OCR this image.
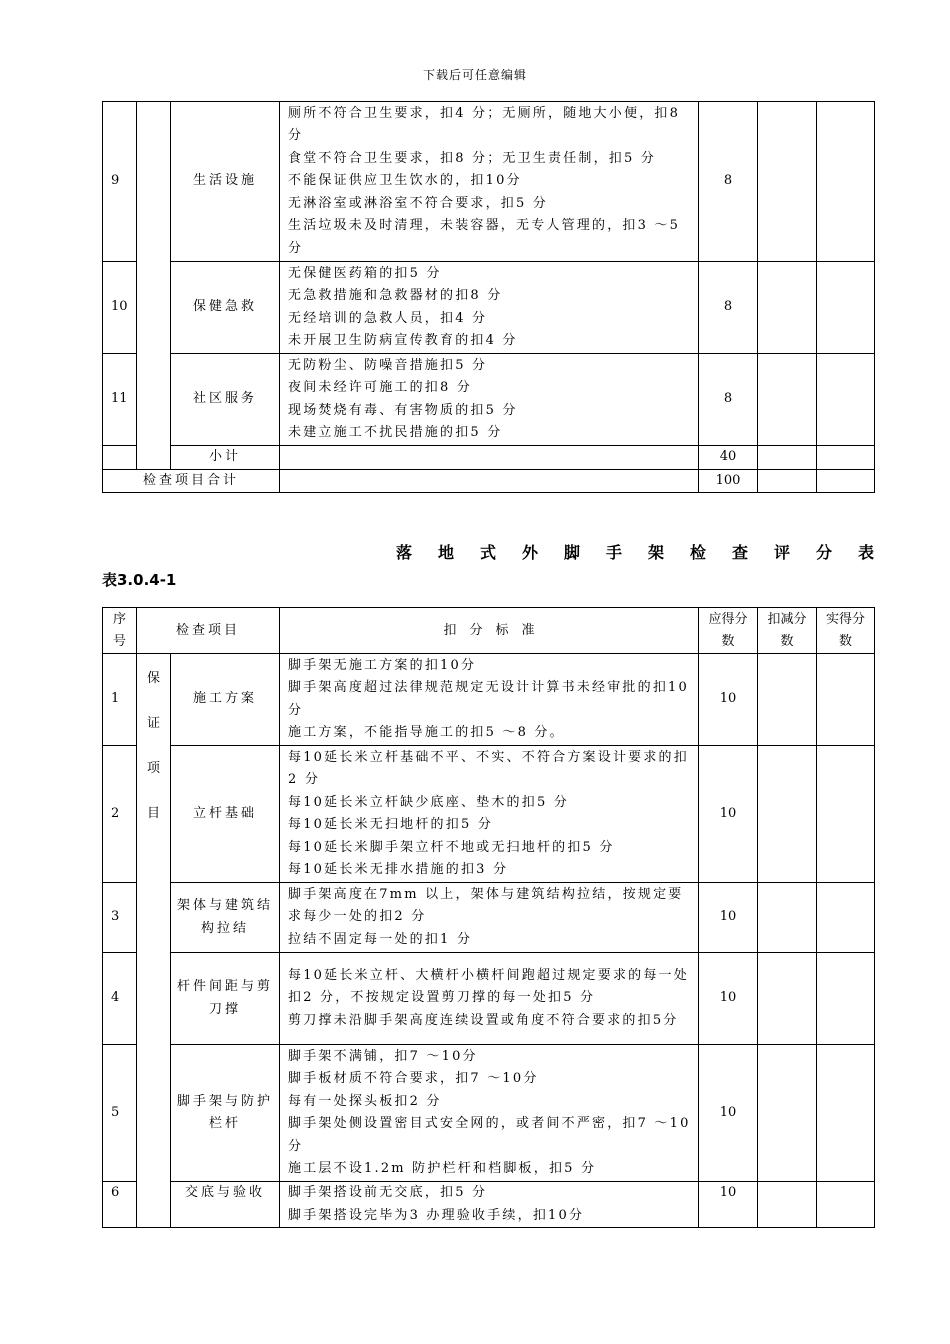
下载后可任意编辑
9		生活设施	厕所不符合卫生要求，扣4 分；无厕所，随地大小便，扣8 分
食堂不符合卫生要求，扣8 分；无卫生责任制，扣5 分
不能保证供应卫生饮水的，扣10分
无淋浴室或淋浴室不符合要求，扣5 分
生活垃圾未及时清理，未装容器，无专人管理的，扣3 ～5 分	8		
10		保健急救	无保健医药箱的扣5 分
无急救措施和急救器材的扣8 分
无经培训的急救人员，扣4 分
未开展卫生防病宣传教育的扣4 分	8		
11		社区服务	无防粉尘、防噪音措施扣5 分
夜间未经许可施工的扣8 分
现场焚烧有毒、有害物质的扣5 分
未建立施工不扰民措施的扣5 分	8		
		小计		40		
检查项目合计				100		
落地式外脚手架检查评分表
表3.0.4-1
序号	检查项目		扣　分　标　准	应得分数	扣减分数	实得分数
1	保
证
项
目	施工方案	脚手架无施工方案的扣10分
脚手架高度超过法律规范规定无设计计算书未经审批的扣10分
施工方案，不能指导施工的扣5 ～8 分。	10		
2		立杆基础	每10延长米立杆基础不平、不实、不符合方案设计要求的扣2 分
每10延长米立杆缺少底座、垫木的扣5 分
每10延长米无扫地杆的扣5 分
每10延长米脚手架立杆不地或无扫地杆的扣5 分
每10延长米无排水措施的扣3 分	10		
3		架体与建筑结构拉结	脚手架高度在7mm 以上，架体与建筑结构拉结，按规定要求每少一处的扣2 分
拉结不固定每一处的扣1 分	10		
4		杆件间距与剪刀撑	每10延长米立杆、大横杆小横杆间跑超过规定要求的每一处扣2 分，不按规定设置剪刀撑的每一处扣5 分
剪刀撑未沿脚手架高度连续设置或角度不符合要求的扣5分	10		
5		脚手架与防护栏杆	脚手架不满铺，扣7 ～10分
脚手板材质不符合要求，扣7 ～10分
每有一处探头板扣2 分
脚手架处侧设置密目式安全网的，或者间不严密，扣7 ～10分
施工层不设1.2m 防护栏杆和档脚板，扣5 分	10		
6		交底与验收	脚手架搭设前无交底，扣5 分
脚手架搭设完毕为3 办理验收手续，扣10分	10		
